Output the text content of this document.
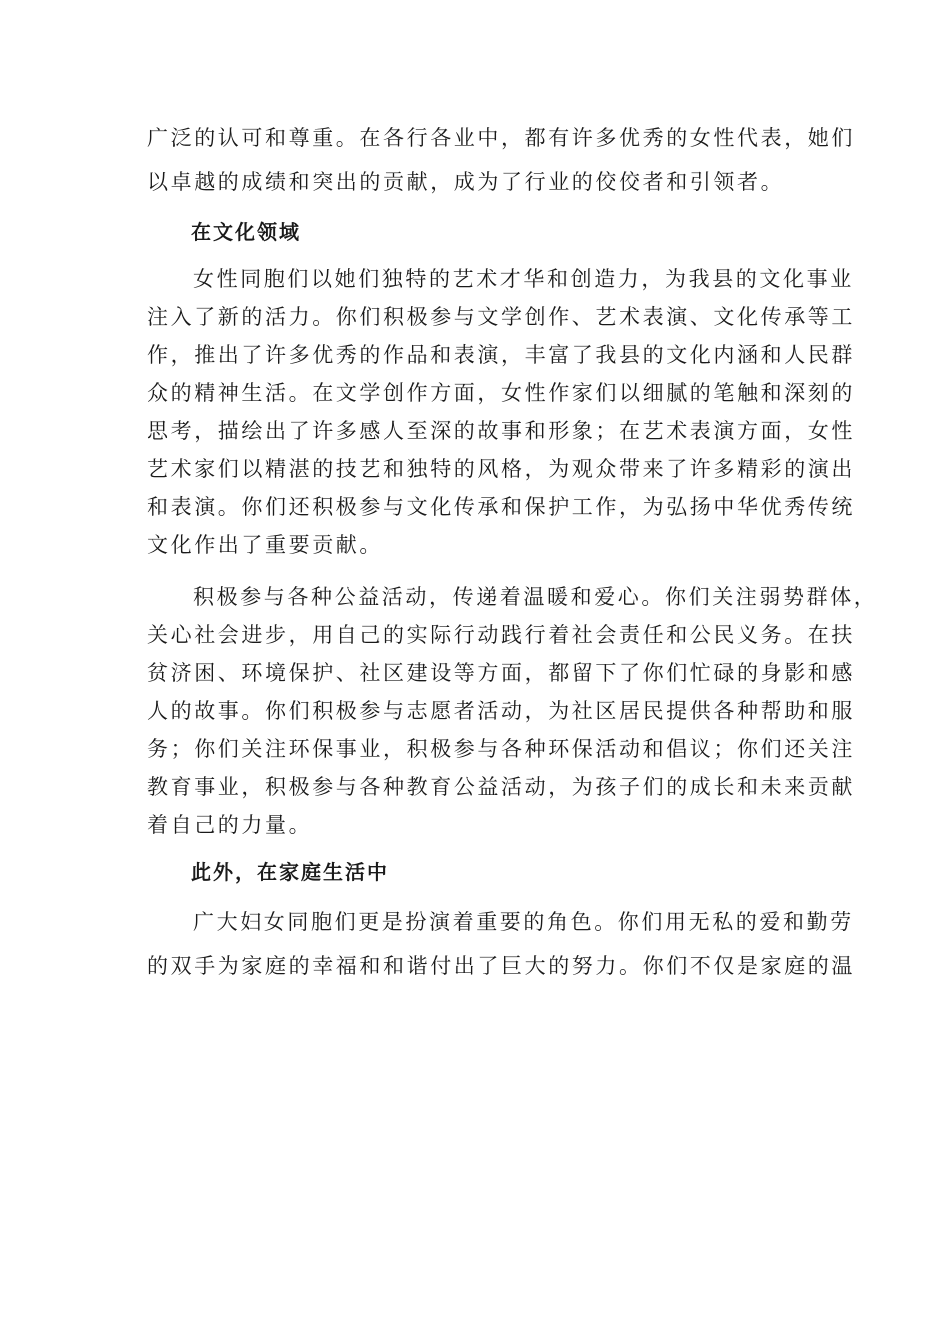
广泛的认可和尊重。在各行各业中，都有许多优秀的女性代表，她们
以卓越的成绩和突出的贡献，成为了行业的佼佼者和引领者。
在文化领域
女性同胞们以她们独特的艺术才华和创造力，为我县的文化事业
注入了新的活力。你们积极参与文学创作、艺术表演、文化传承等工
作，推出了许多优秀的作品和表演，丰富了我县的文化内涵和人民群
众的精神生活。在文学创作方面，女性作家们以细腻的笔触和深刻的
思考，描绘出了许多感人至深的故事和形象；在艺术表演方面，女性
艺术家们以精湛的技艺和独特的风格，为观众带来了许多精彩的演出
和表演。你们还积极参与文化传承和保护工作，为弘扬中华优秀传统
文化作出了重要贡献。
积极参与各种公益活动，传递着温暖和爱心。你们关注弱势群体，
关心社会进步，用自己的实际行动践行着社会责任和公民义务。在扶
贫济困、环境保护、社区建设等方面，都留下了你们忙碌的身影和感
人的故事。你们积极参与志愿者活动，为社区居民提供各种帮助和服
务；你们关注环保事业，积极参与各种环保活动和倡议；你们还关注
教育事业，积极参与各种教育公益活动，为孩子们的成长和未来贡献
着自己的力量。
此外，在家庭生活中
广大妇女同胞们更是扮演着重要的角色。你们用无私的爱和勤劳
的双手为家庭的幸福和和谐付出了巨大的努力。你们不仅是家庭的温
